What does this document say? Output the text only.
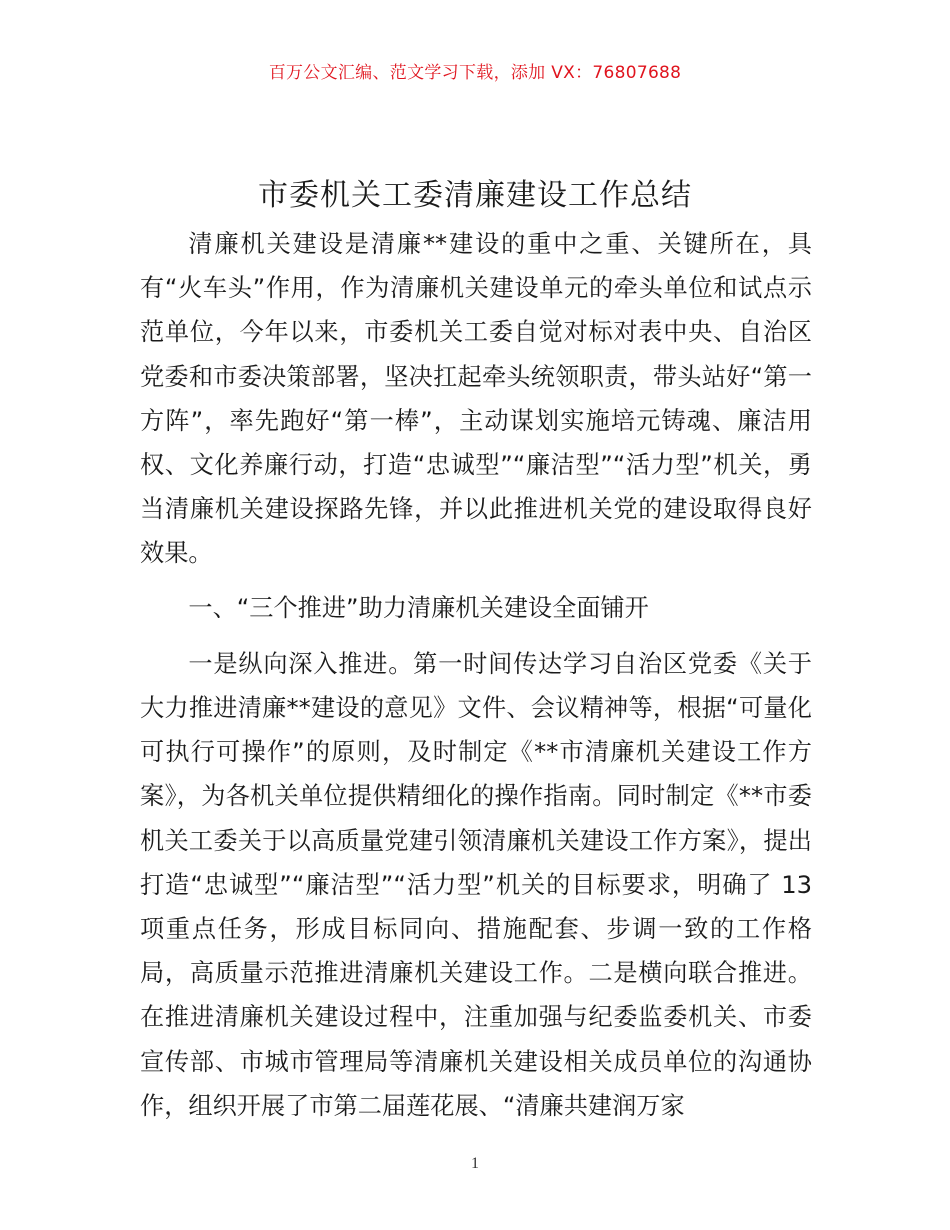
百万公文汇编、范文学习下载，添加 VX：76807688
市委机关工委清廉建设工作总结

清廉机关建设是清廉**建设的重中之重、关键所在，具有“火车头”作用，作为清廉机关建设单元的牵头单位和试点示范单位，今年以来，市委机关工委自觉对标对表中央、自治区党委和市委决策部署，坚决扛起牵头统领职责，带头站好“第一方阵”，率先跑好“第一棒”，主动谋划实施培元铸魂、廉洁用权、文化养廉行动，打造“忠诚型”“廉洁型”“活力型”机关，勇当清廉机关建设探路先锋，并以此推进机关党的建设取得良好效果。

一、“三个推进”助力清廉机关建设全面铺开

一是纵向深入推进。第一时间传达学习自治区党委《关于大力推进清廉**建设的意见》文件、会议精神等，根据“可量化可执行可操作”的原则，及时制定《**市清廉机关建设工作方案》，为各机关单位提供精细化的操作指南。同时制定《**市委机关工委关于以高质量党建引领清廉机关建设工作方案》，提出打造“忠诚型”“廉洁型”“活力型”机关的目标要求，明确了 13 项重点任务，形成目标同向、措施配套、步调一致的工作格局，高质量示范推进清廉机关建设工作。二是横向联合推进。在推进清廉机关建设过程中，注重加强与纪委监委机关、市委宣传部、市城市管理局等清廉机关建设相关成员单位的沟通协作，组织开展了市第二届莲花展、“清廉共建润万家

1
